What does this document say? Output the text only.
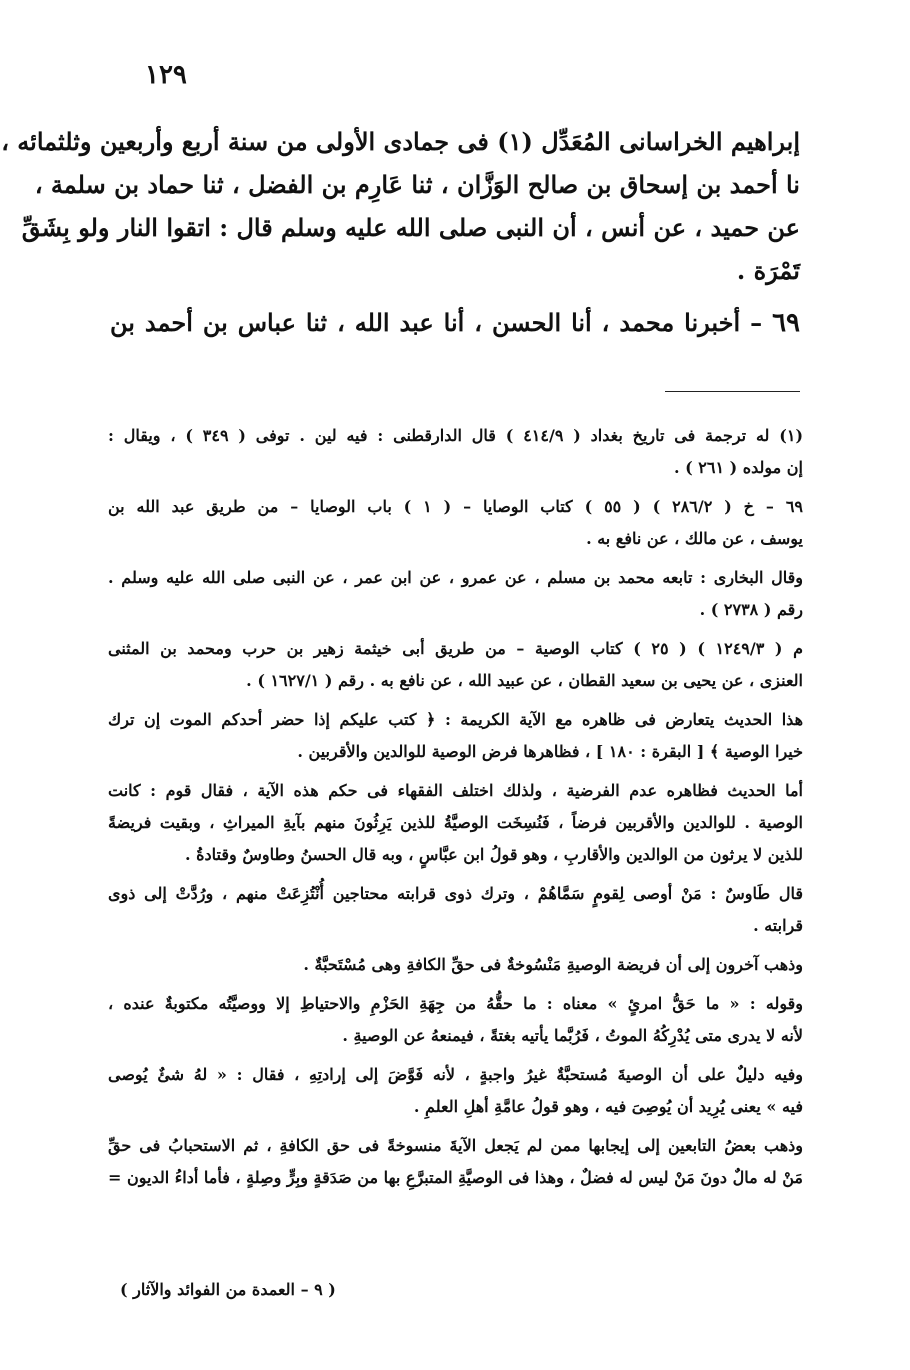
١٢٩
إبراهيم الخراسانى المُعَدِّل (١) فى جمادى الأولى من سنة أربع وأربعين وثلثمائه ،
نا أحمد بن إسحاق بن صالح الوَزَّان ، ثنا عَارِم بن الفضل ، ثنا حماد بن سلمة ،
عن حميد ، عن أنس ، أن النبى صلى الله عليه وسلم قال : اتقوا النار ولو بِشَقِّ
تَمْرَة .
٦٩ – أخبرنا محمد ، أنا الحسن ، أنا عبد الله ، ثنا عباس بن أحمد بن
(١) له ترجمة فى تاريخ بغداد ( ٤١٤/٩ ) قال الدارقطنى : فيه لين . توفى ( ٣٤٩ ) ، ويقال :
إن مولده ( ٢٦١ ) .
٦٩ – خ ( ٢٨٦/٢ ) ( ٥٥ ) كتاب الوصايا – ( ١ ) باب الوصايا – من طريق عبد الله بن
يوسف ، عن مالك ، عن نافع به .
وقال البخارى : تابعه محمد بن مسلم ، عن عمرو ، عن ابن عمر ، عن النبى صلى الله عليه وسلم .
رقم ( ٢٧٣٨ ) .
م ( ١٢٤٩/٣ ) ( ٢٥ ) كتاب الوصية – من طريق أبى خيثمة زهير بن حرب ومحمد بن المثنى
العنزى ، عن يحيى بن سعيد القطان ، عن عبيد الله ، عن نافع به . رقم ( ١٦٢٧/١ ) .
هذا الحديث يتعارض فى ظاهره مع الآية الكريمة : ﴿ كتب عليكم إذا حضر أحدكم الموت إن ترك
خيرا الوصية ﴾ [ البقرة : ١٨٠ ] ، فظاهرها فرض الوصية للوالدين والأقربين .
أما الحديث فظاهره عدم الفرضية ، ولذلك اختلف الفقهاء فى حكم هذه الآية ، فقال قوم : كانت
الوصية . للوالدين والأقربين فرضاً ، فَنُسِخَت الوصيَّةُ للذين يَرِثُونَ منهم بآيةِ الميراثِ ، وبقيت فريضةً
للذين لا يرثون من الوالدين والأقاربِ ، وهو قولُ ابن عبَّاسٍ ، وبه قال الحسنُ وطاوسٌ وقتادةُ .
قال طَاوسٌ : مَنْ أوصى لِقومٍ سَمَّاهُمْ ، وترك ذوى قرابته محتاجين أُنْتُزِعَتْ منهم ، ورُدَّتْ إلى ذوى
قرابته .
وذهب آخرون إلى أن فريضة الوصيةِ مَنْسُوخةٌ فى حقِّ الكافةِ وهى مُسْتَحبَّةٌ .
وقوله : « ما حَقُّ امرئٍ » معناه : ما حقُّهُ من جِهَةِ الحَزْمِ والاحتياطِ إلا ووصيَّتُه مكتوبةٌ عنده ،
لأنه لا يدرى متى يُدْرِكُهُ الموتُ ، فَرُبَّما يأتيه بغتةً ، فيمنعهُ عن الوصيةِ .
وفيه دليلٌ على أن الوصيةَ مُستحبَّةٌ غيرُ واجبةٍ ، لأنه فَوَّضَ إلى إرادتِهِ ، فقال : « لهُ شئٌ يُوصى
فيه » يعنى يُرِيد أن يُوصِىَ فيه ، وهو قولُ عامَّةِ أهلِ العلمِ .
وذهب بعضُ التابعين إلى إيجابها ممن لم يَجعل الآيةَ منسوخةً فى حق الكافةِ ، ثم الاستحبابُ فى حقِّ
مَنْ له مالٌ دونَ مَنْ ليس له فضلٌ ، وهذا فى الوصيَّةِ المتبرَّعِ بها من صَدَقةٍ وبِرٍّ وصِلةٍ ، فأما أداءُ الديون =
( ٩ – العمدة من الفوائد والآثار )
